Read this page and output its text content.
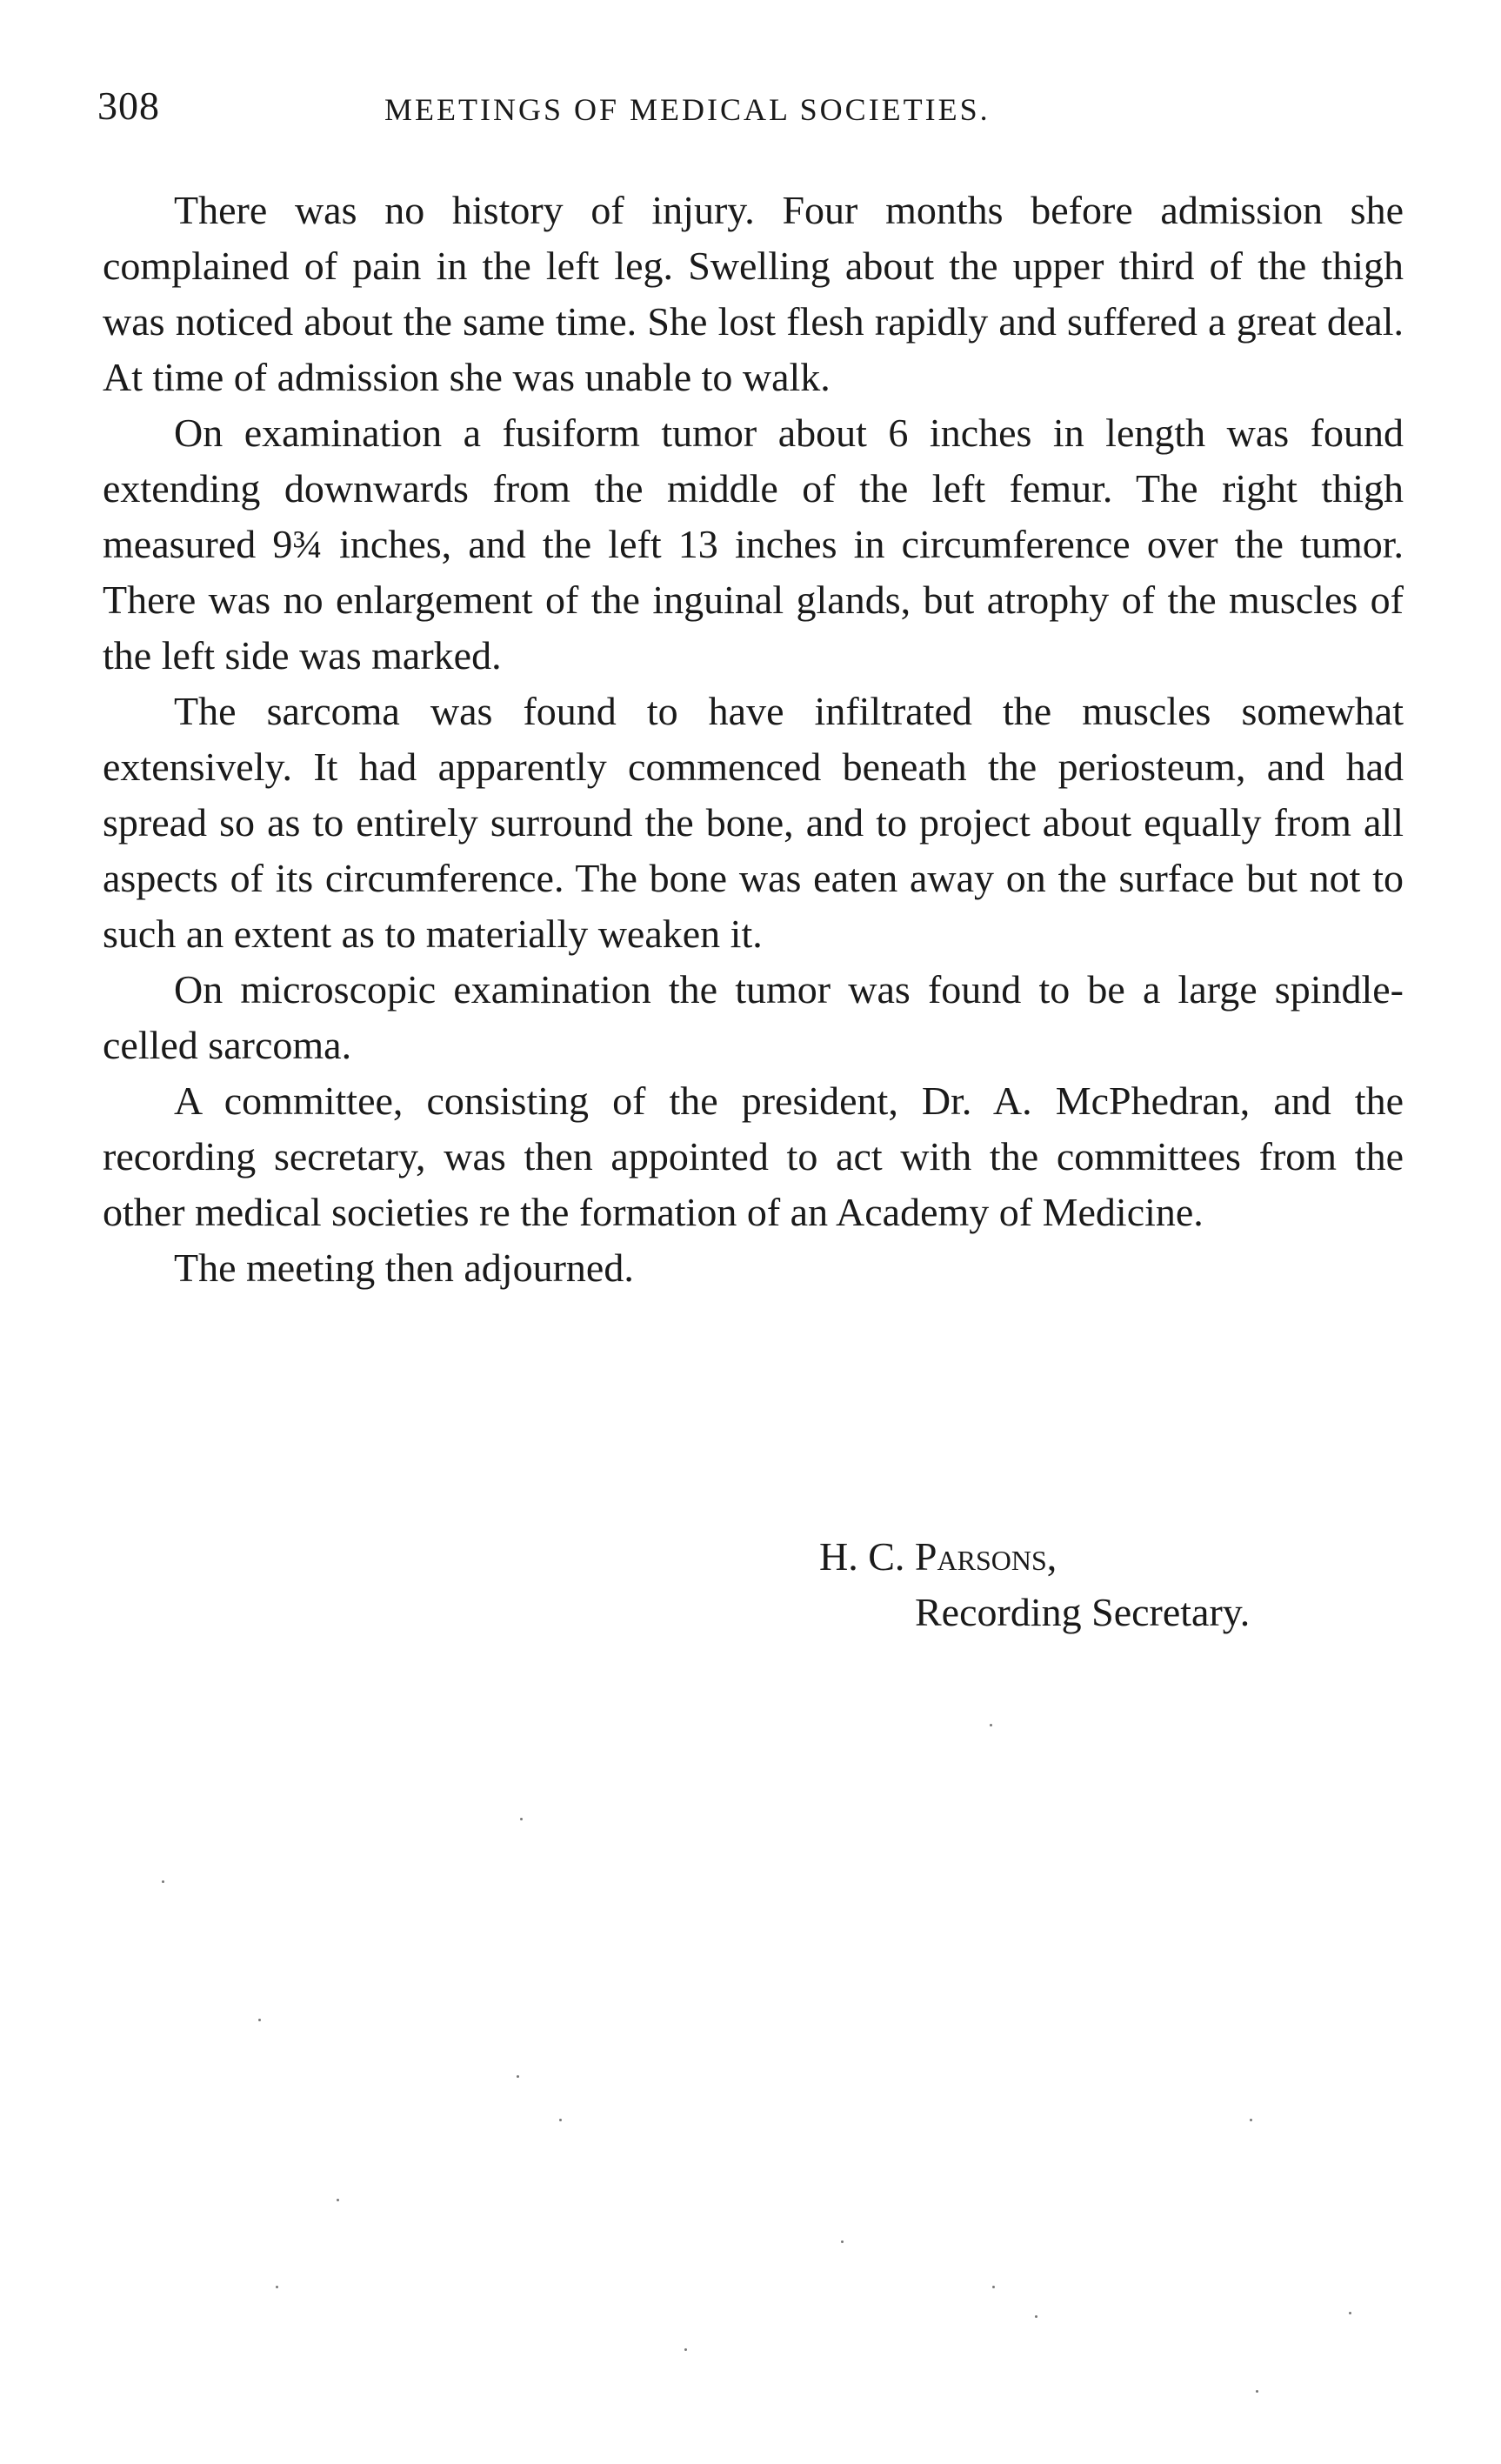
308	MEETINGS OF MEDICAL SOCIETIES.

There was no history of injury. Four months before admission she complained of pain in the left leg. Swelling about the upper third of the thigh was noticed about the same time. She lost flesh rapidly and suffered a great deal. At time of admission she was unable to walk.

On examination a fusiform tumor about 6 inches in length was found extending downwards from the middle of the left femur. The right thigh measured 9¾ inches, and the left 13 inches in circumference over the tumor. There was no enlargement of the inguinal glands, but atrophy of the muscles of the left side was marked.

The sarcoma was found to have infiltrated the muscles somewhat extensively. It had apparently commenced beneath the periosteum, and had spread so as to entirely surround the bone, and to project about equally from all aspects of its circumference. The bone was eaten away on the surface but not to such an extent as to materially weaken it.

On microscopic examination the tumor was found to be a large spindle-celled sarcoma.

A committee, consisting of the president, Dr. A. McPhedran, and the recording secretary, was then appointed to act with the committees from the other medical societies re the formation of an Academy of Medicine.

The meeting then adjourned.

H. C. Parsons,
Recording Secretary.
